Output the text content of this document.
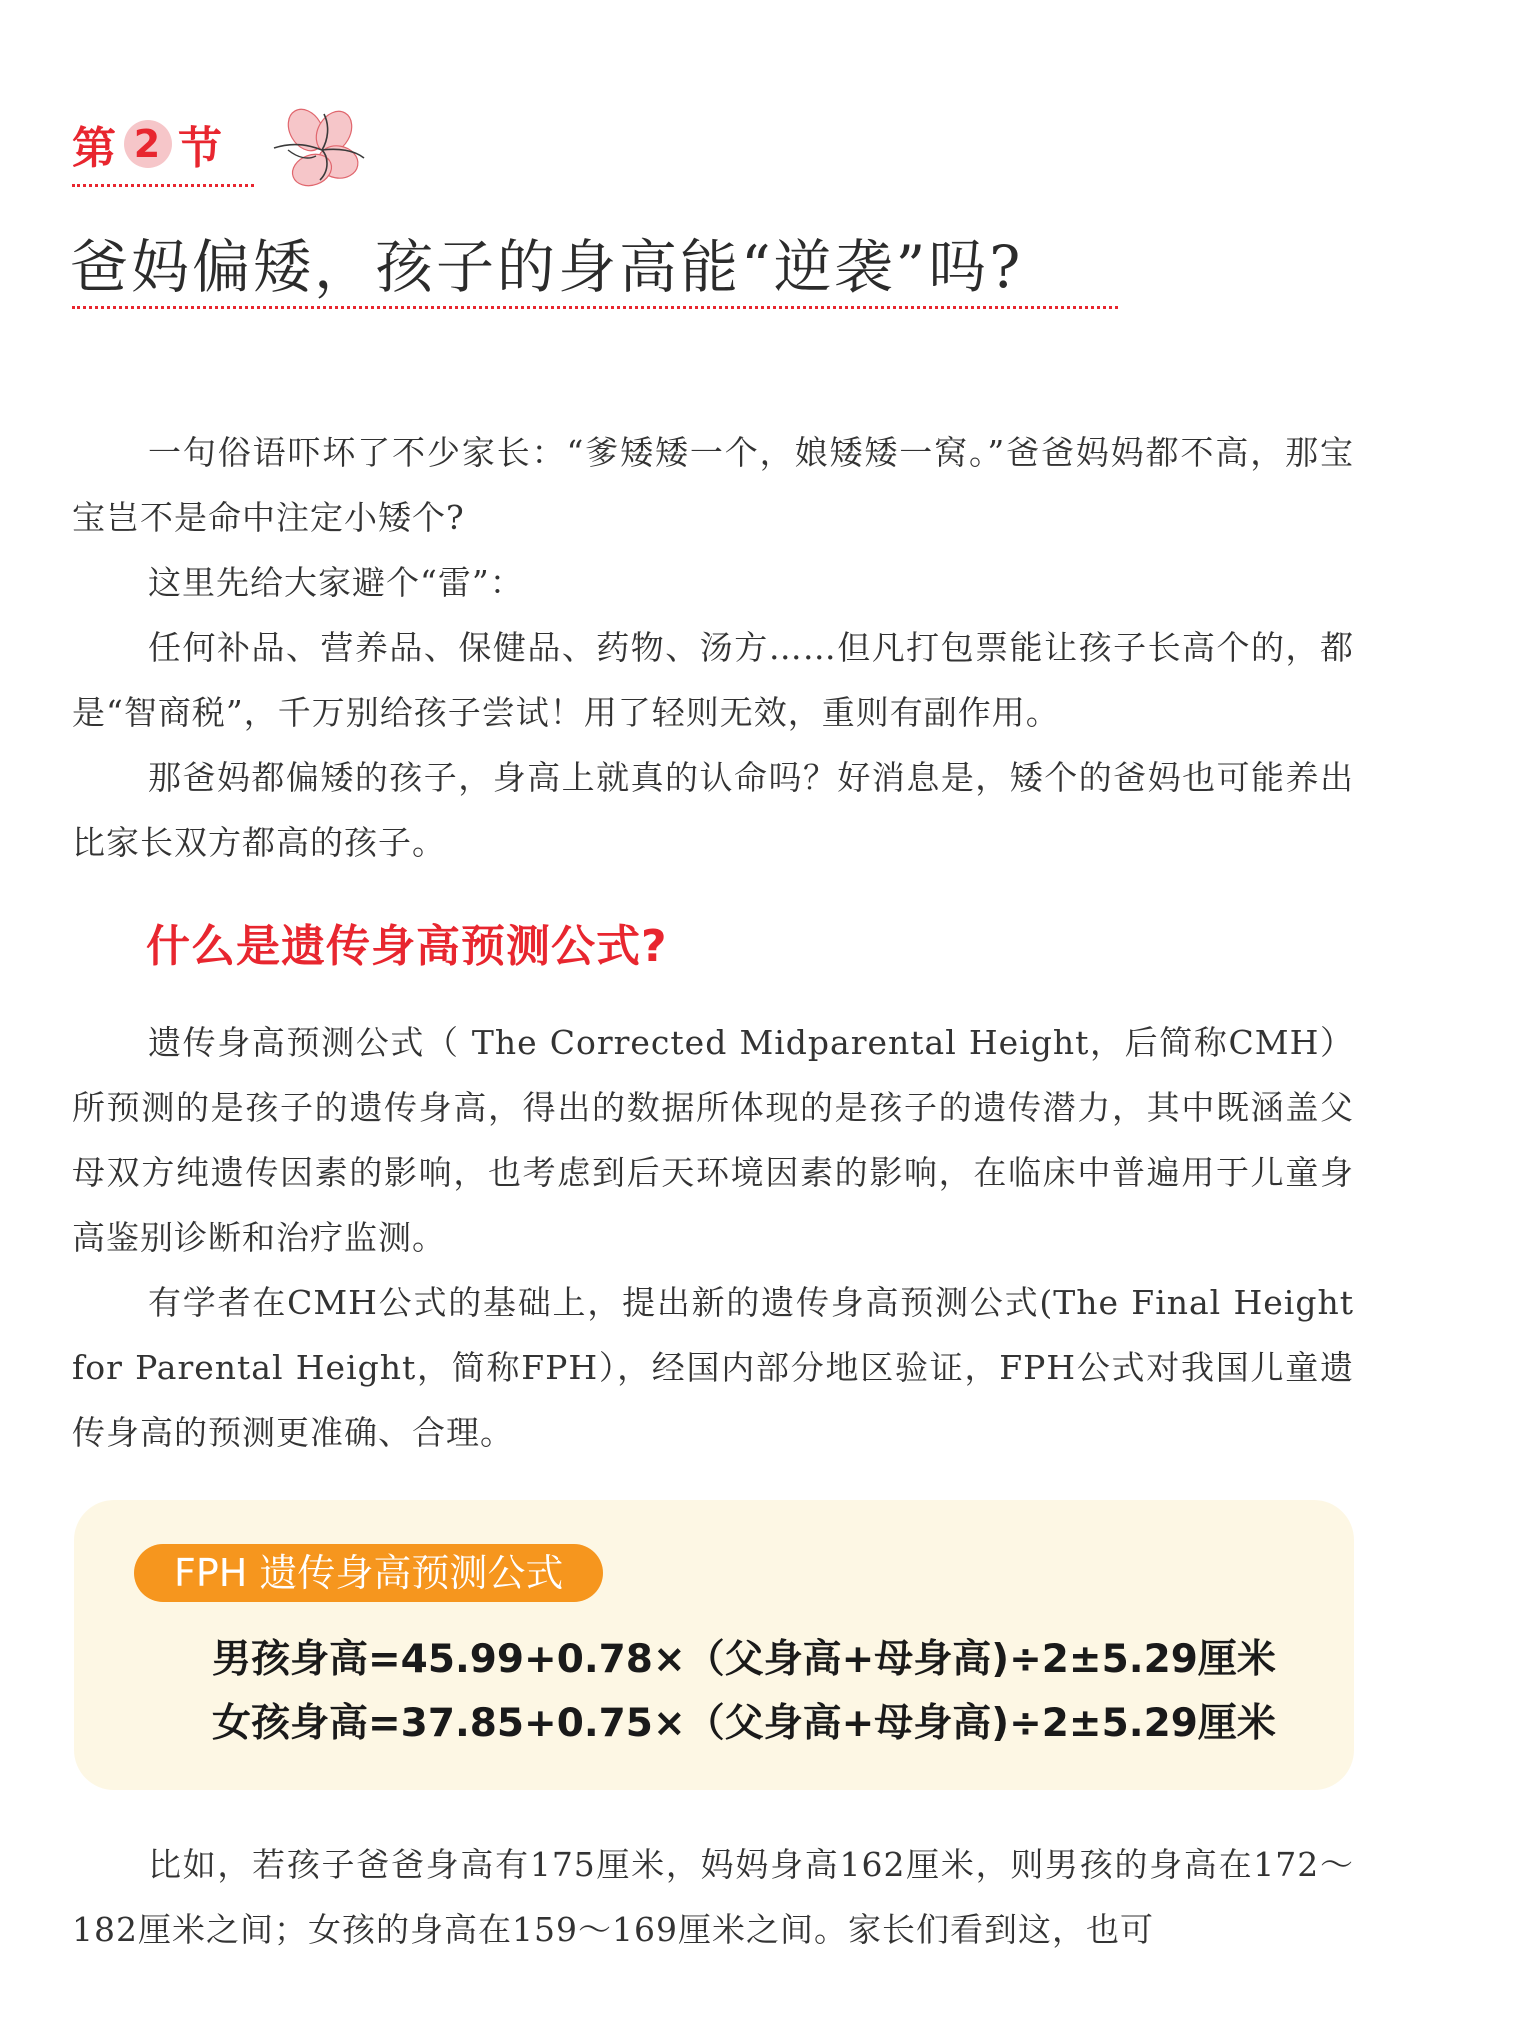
第 2 节
爸妈偏矮，孩子的身高能“逆袭”吗?

一句俗语吓坏了不少家长：“爹矮矮一个，娘矮矮一窝。”爸爸妈妈都不高，那宝宝岂不是命中注定小矮个?

这里先给大家避个“雷”：

任何补品、营养品、保健品、药物、汤方……但凡打包票能让孩子长高个的，都是“智商税”，千万别给孩子尝试！用了轻则无效，重则有副作用。

那爸妈都偏矮的孩子，身高上就真的认命吗？好消息是，矮个的爸妈也可能养出比家长双方都高的孩子。

什么是遗传身高预测公式?

遗传身高预测公式（ The Corrected Midparental Height，后简称CMH）所预测的是孩子的遗传身高，得出的数据所体现的是孩子的遗传潜力，其中既涵盖父母双方纯遗传因素的影响，也考虑到后天环境因素的影响，在临床中普遍用于儿童身高鉴别诊断和治疗监测。

有学者在CMH公式的基础上，提出新的遗传身高预测公式(The Final Height for Parental Height，简称FPH），经国内部分地区验证，FPH公式对我国儿童遗传身高的预测更准确、合理。

FPH 遗传身高预测公式
男孩身高=45.99+0.78×（父身高+母身高)÷2±5.29厘米
女孩身高=37.85+0.75×（父身高+母身高)÷2±5.29厘米

比如，若孩子爸爸身高有175厘米，妈妈身高162厘米，则男孩的身高在172～182厘米之间；女孩的身高在159～169厘米之间。家长们看到这，也可
